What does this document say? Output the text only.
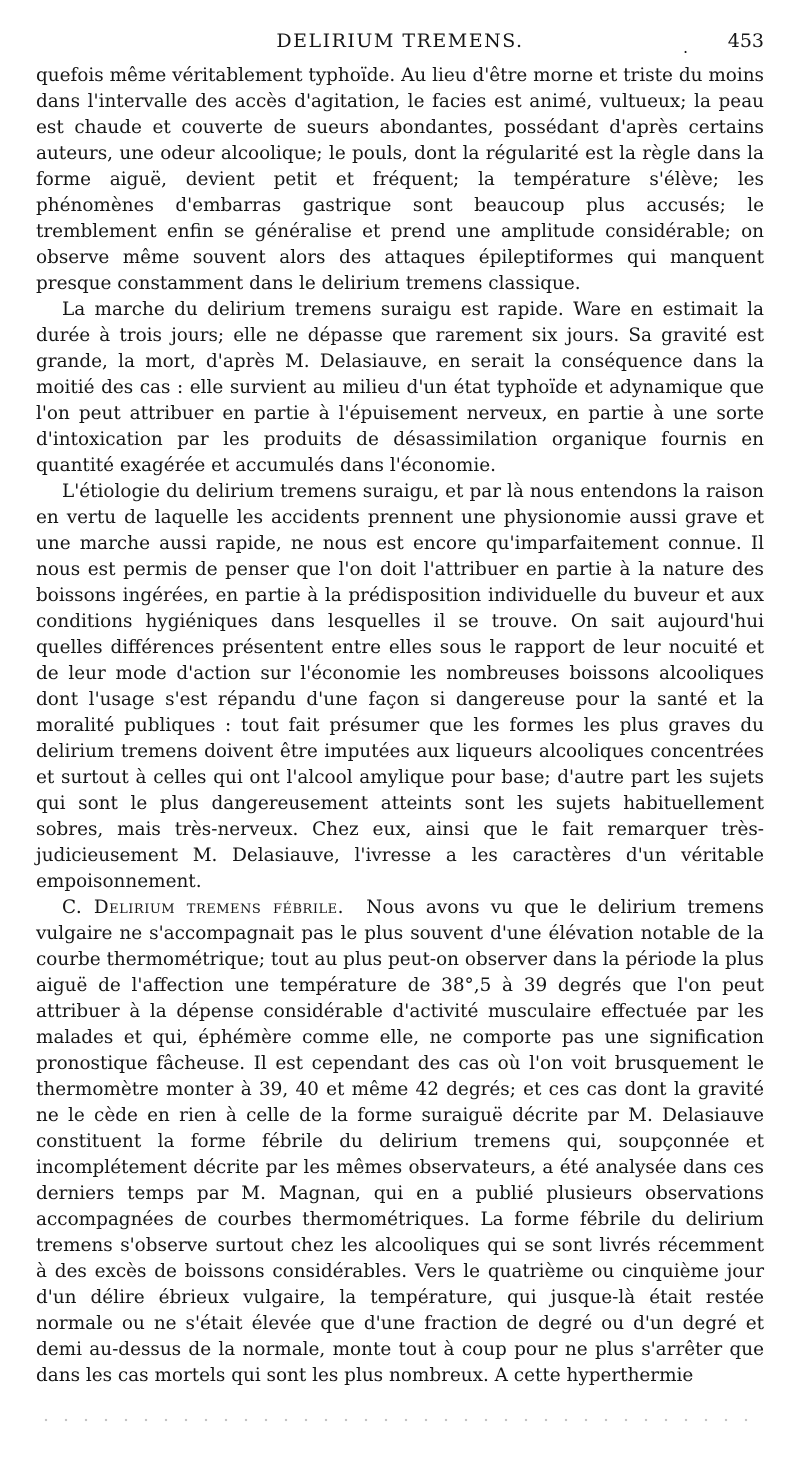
DELIRIUM TREMENS.	. 453

quefois même véritablement typhoïde. Au lieu d'être morne et triste du moins dans l'intervalle des accès d'agitation, le facies est animé, vultueux; la peau est chaude et couverte de sueurs abondantes, possédant d'après certains auteurs, une odeur alcoolique; le pouls, dont la régularité est la règle dans la forme aiguë, devient petit et fréquent; la température s'élève; les phénomènes d'embarras gastrique sont beaucoup plus accusés; le tremblement enfin se généralise et prend une amplitude considérable; on observe même souvent alors des attaques épileptiformes qui manquent presque constamment dans le delirium tremens classique.

La marche du delirium tremens suraigu est rapide. Ware en estimait la durée à trois jours; elle ne dépasse que rarement six jours. Sa gravité est grande, la mort, d'après M. Delasiauve, en serait la conséquence dans la moitié des cas : elle survient au milieu d'un état typhoïde et adynamique que l'on peut attribuer en partie à l'épuisement nerveux, en partie à une sorte d'intoxication par les produits de désassimilation organique fournis en quantité exagérée et accumulés dans l'économie.

L'étiologie du delirium tremens suraigu, et par là nous entendons la raison en vertu de laquelle les accidents prennent une physionomie aussi grave et une marche aussi rapide, ne nous est encore qu'imparfaitement connue. Il nous est permis de penser que l'on doit l'attribuer en partie à la nature des boissons ingérées, en partie à la prédisposition individuelle du buveur et aux conditions hygiéniques dans lesquelles il se trouve. On sait aujourd'hui quelles différences présentent entre elles sous le rapport de leur nocuité et de leur mode d'action sur l'économie les nombreuses boissons alcooliques dont l'usage s'est répandu d'une façon si dangereuse pour la santé et la moralité publiques : tout fait présumer que les formes les plus graves du delirium tremens doivent être imputées aux liqueurs alcooliques concentrées et surtout à celles qui ont l'alcool amylique pour base; d'autre part les sujets qui sont le plus dangereusement atteints sont les sujets habituellement sobres, mais très-nerveux. Chez eux, ainsi que le fait remarquer très-judicieusement M. Delasiauve, l'ivresse a les caractères d'un véritable empoisonnement.

C. Delirium tremens fébrile. Nous avons vu que le delirium tremens vulgaire ne s'accompagnait pas le plus souvent d'une élévation notable de la courbe thermométrique; tout au plus peut-on observer dans la période la plus aiguë de l'affection une température de 38°,5 à 39 degrés que l'on peut attribuer à la dépense considérable d'activité musculaire effectuée par les malades et qui, éphémère comme elle, ne comporte pas une signification pronostique fâcheuse. Il est cependant des cas où l'on voit brusquement le thermomètre monter à 39, 40 et même 42 degrés; et ces cas dont la gravité ne le cède en rien à celle de la forme suraiguë décrite par M. Delasiauve constituent la forme fébrile du delirium tremens qui, soupçonnée et incomplétement décrite par les mêmes observateurs, a été analysée dans ces derniers temps par M. Magnan, qui en a publié plusieurs observations accompagnées de courbes thermométriques. La forme fébrile du delirium tremens s'observe surtout chez les alcooliques qui se sont livrés récemment à des excès de boissons considérables. Vers le quatrième ou cinquième jour d'un délire ébrieux vulgaire, la température, qui jusque-là était restée normale ou ne s'était élevée que d'une fraction de degré ou d'un degré et demi au-dessus de la normale, monte tout à coup pour ne plus s'arrêter que dans les cas mortels qui sont les plus nombreux. A cette hyperthermie
